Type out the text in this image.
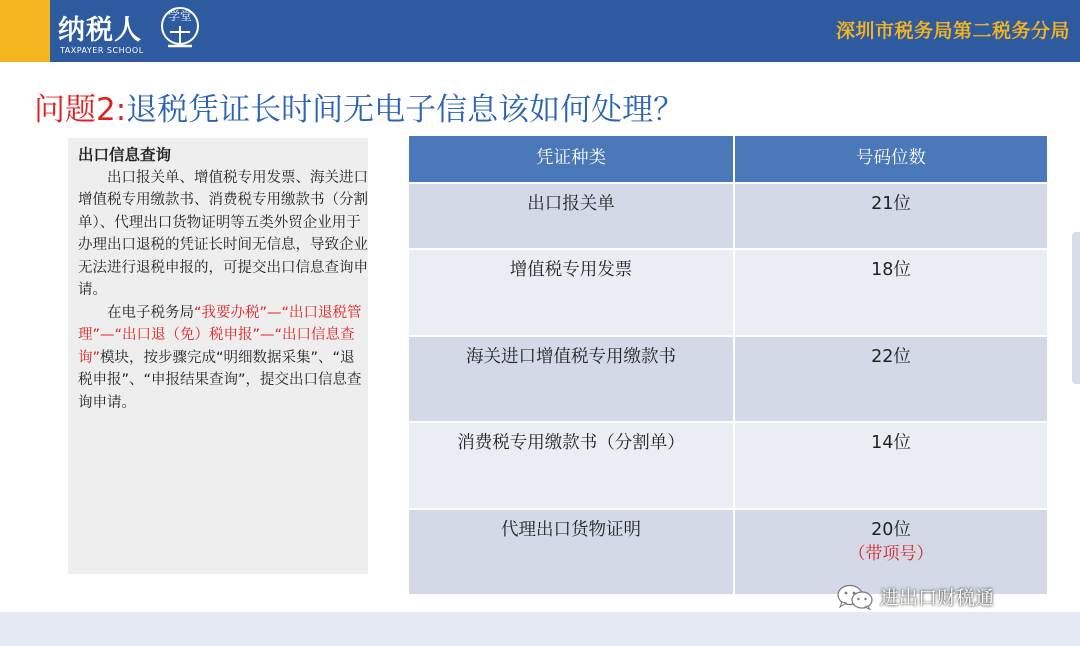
纳税人
TAXPAYER SCHOOL
学堂
深圳市税务局第二税务分局
问题2:退税凭证长时间无电子信息该如何处理？
出口信息查询
出口报关单、增值税专用发票、海关进口增值税专用缴款书、消费税专用缴款书（分割单）、代理出口货物证明等五类外贸企业用于办理出口退税的凭证长时间无信息，导致企业无法进行退税申报的，可提交出口信息查询申请。
在电子税务局“我要办税”—“出口退税管理”—“出口退（免）税申报”—“出口信息查询”模块，按步骤完成“明细数据采集”、“退税申报”、“申报结果查询”，提交出口信息查询申请。
凭证种类	号码位数
出口报关单	21位
增值税专用发票	18位
海关进口增值税专用缴款书	22位
消费税专用缴款书（分割单）	14位
代理出口货物证明	20位
（带项号）
进出口财税通
